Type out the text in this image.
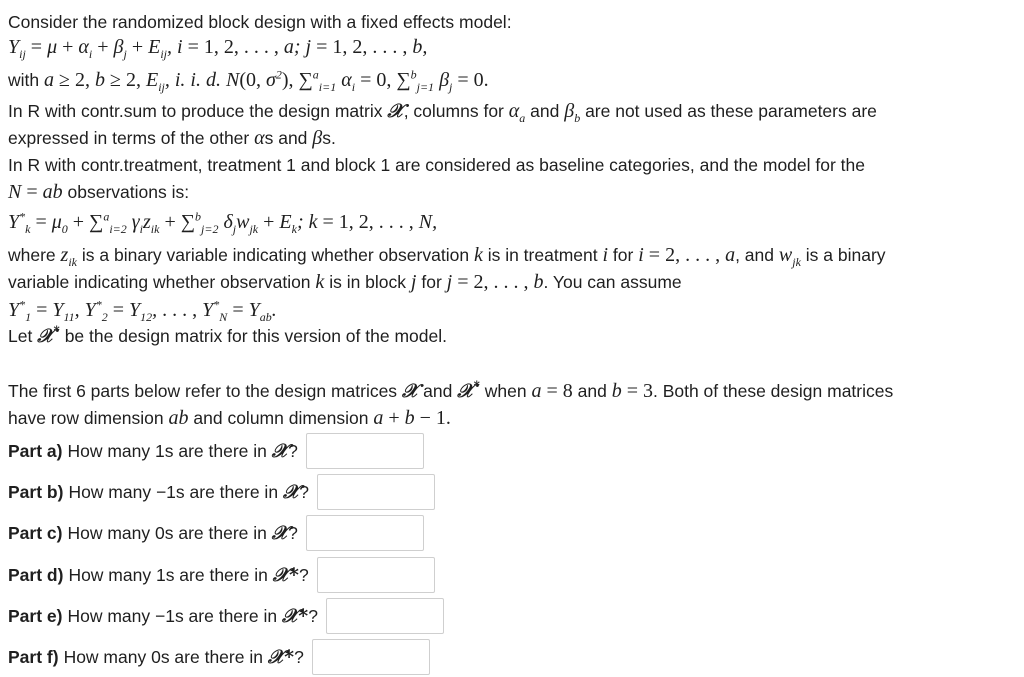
Consider the randomized block design with a fixed effects model:
$Y_{ij} = \mu + \alpha_i + \beta_j + E_{ij}$, i = 1, 2, . . . , a; j = 1, 2, . . . , b,
with a ≥ 2, b ≥ 2, $E_{ij}$, i. i. d. N(0, $\sigma^2$), ∑$^a_{i=1}$ $\alpha_i = 0$, ∑$^b_{j=1}$ $\beta_j = 0$.
In R with contr.sum to produce the design matrix 𝒳, columns for $\alpha_a$ and $\beta_b$ are not used as these parameters are
expressed in terms of the other αs and βs.
In R with contr.treatment, treatment 1 and block 1 are considered as baseline categories, and the model for the
N = ab observations is:
$Y^*_k = \mu_0 + \sum^a_{i=2}$ $\gamma_iz_{ik} + \sum^b_{j=2}$ $\delta_jw_{jk} + E_k$; k = 1, 2, . . . , N,
where $z_{ik}$ is a binary variable indicating whether observation k is in treatment i for i = 2, . . . , a, and $w_{jk}$ is a binary
variable indicating whether observation k is in block j for j = 2, . . . , b. You can assume
$Y^*_1 = Y_{11}$, $Y^*_2 = Y_{12}$, . . . , $Y^*_N = Y_{ab}$.
Let 𝒳* be the design matrix for this version of the model.
The first 6 parts below refer to the design matrices 𝒳 and 𝒳* when a = 8 and b = 3. Both of these design matrices
have row dimension ab and column dimension a + b − 1.
Part a) How many 1s are there in
𝒳 ?
Part b) How many −1s are there in
𝒳 ?
Part c) How many 0s are there in
𝒳 ?
Part d) How many 1s are there in
𝒳* ?
Part e) How many −1s are there in
𝒳* ?
Part f) How many 0s are there in
𝒳* ?
